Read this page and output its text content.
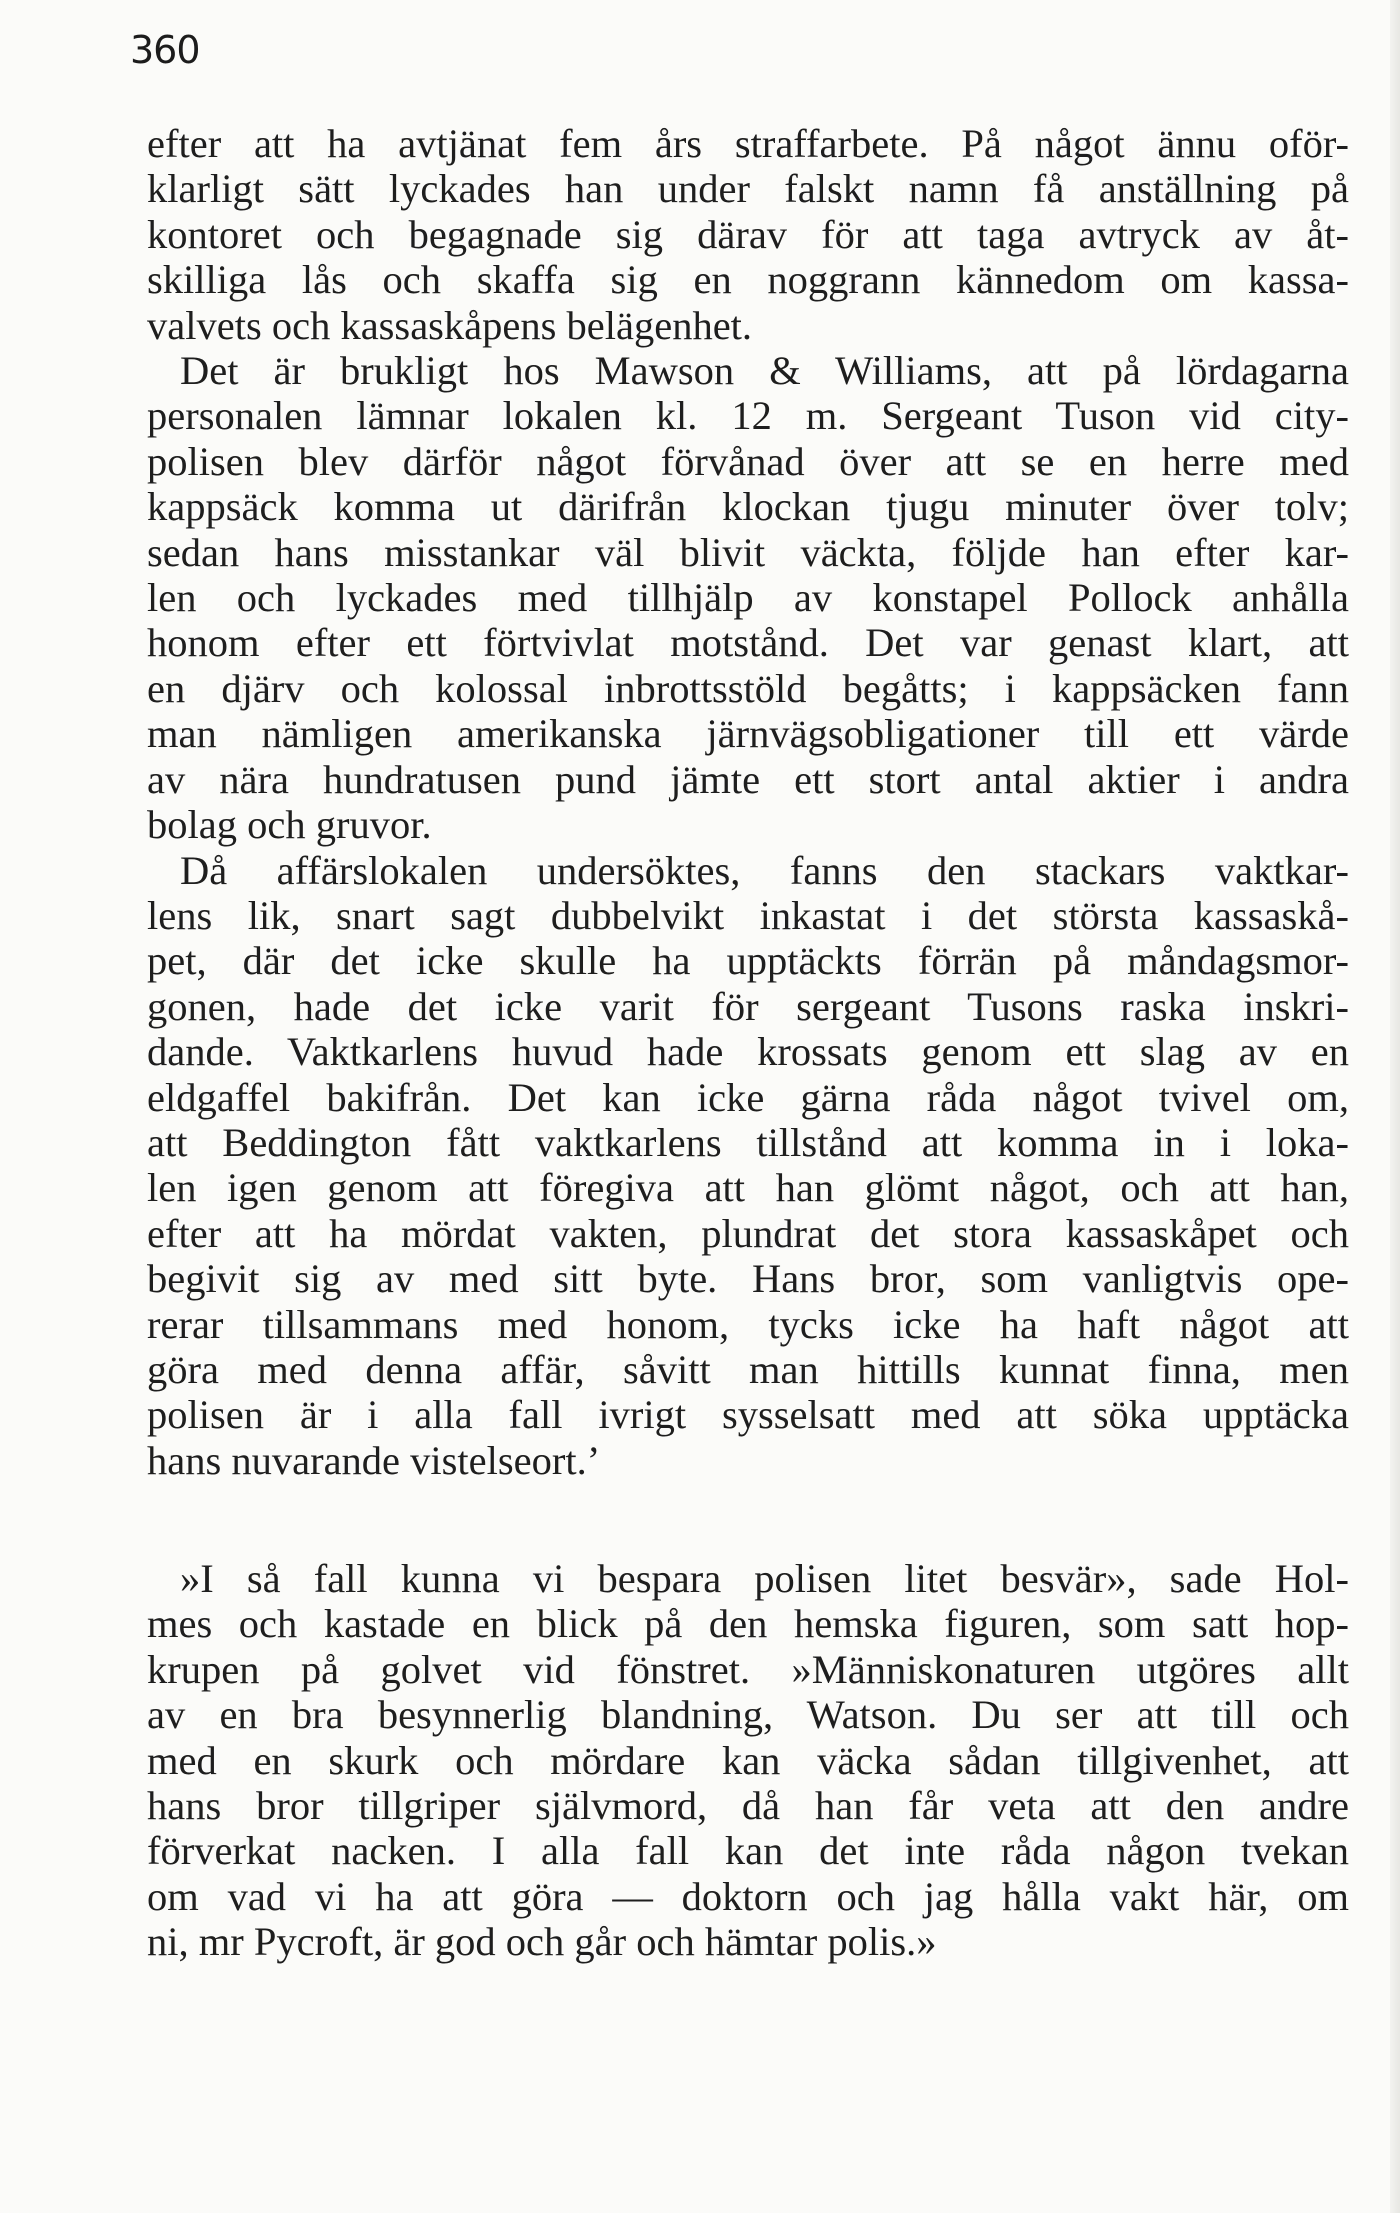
360
efter att ha avtjänat fem års straffarbete. På något ännu oför-
klarligt sätt lyckades han under falskt namn få anställning på
kontoret och begagnade sig därav för att taga avtryck av åt-
skilliga lås och skaffa sig en noggrann kännedom om kassa-
valvets och kassaskåpens belägenhet.
Det är brukligt hos Mawson & Williams, att på lördagarna
personalen lämnar lokalen kl. 12 m. Sergeant Tuson vid city-
polisen blev därför något förvånad över att se en herre med
kappsäck komma ut därifrån klockan tjugu minuter över tolv;
sedan hans misstankar väl blivit väckta, följde han efter kar-
len och lyckades med tillhjälp av konstapel Pollock anhålla
honom efter ett förtvivlat motstånd. Det var genast klart, att
en djärv och kolossal inbrottsstöld begåtts; i kappsäcken fann
man nämligen amerikanska järnvägsobligationer till ett värde
av nära hundratusen pund jämte ett stort antal aktier i andra
bolag och gruvor.
Då affärslokalen undersöktes, fanns den stackars vaktkar-
lens lik, snart sagt dubbelvikt inkastat i det största kassaskå-
pet, där det icke skulle ha upptäckts förrän på måndagsmor-
gonen, hade det icke varit för sergeant Tusons raska inskri-
dande. Vaktkarlens huvud hade krossats genom ett slag av en
eldgaffel bakifrån. Det kan icke gärna råda något tvivel om,
att Beddington fått vaktkarlens tillstånd att komma in i loka-
len igen genom att föregiva att han glömt något, och att han,
efter att ha mördat vakten, plundrat det stora kassaskåpet och
begivit sig av med sitt byte. Hans bror, som vanligtvis ope-
rerar tillsammans med honom, tycks icke ha haft något att
göra med denna affär, såvitt man hittills kunnat finna, men
polisen är i alla fall ivrigt sysselsatt med att söka upptäcka
hans nuvarande vistelseort.’
»I så fall kunna vi bespara polisen litet besvär», sade Hol-
mes och kastade en blick på den hemska figuren, som satt hop-
krupen på golvet vid fönstret. »Människonaturen utgöres allt
av en bra besynnerlig blandning, Watson. Du ser att till och
med en skurk och mördare kan väcka sådan tillgivenhet, att
hans bror tillgriper självmord, då han får veta att den andre
förverkat nacken. I alla fall kan det inte råda någon tvekan
om vad vi ha att göra — doktorn och jag hålla vakt här, om
ni, mr Pycroft, är god och går och hämtar polis.»
